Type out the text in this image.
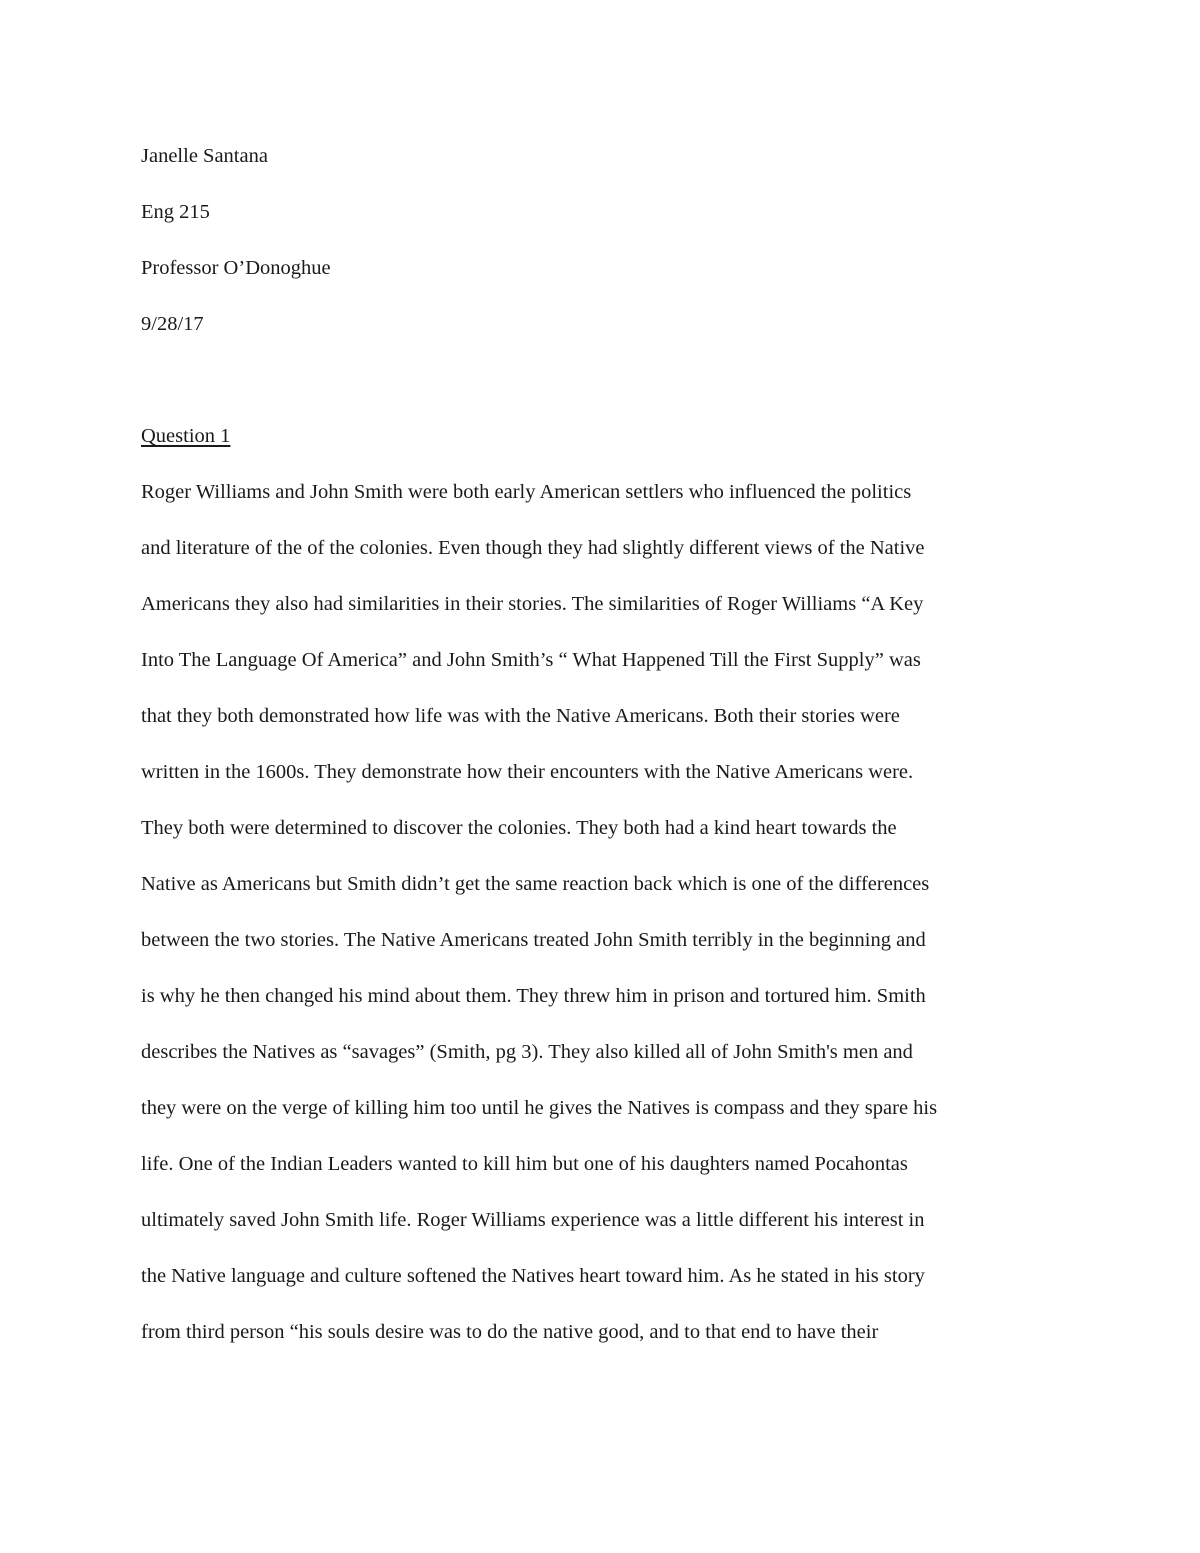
Janelle Santana

Eng 215

Professor O’Donoghue

9/28/17

Question 1

Roger Williams and John Smith were both early American settlers who influenced the politics

and literature of the of the colonies. Even though they had slightly different views of the Native

Americans they also had similarities in their stories. The similarities of Roger Williams “A Key

Into The Language Of America” and John Smith’s “ What Happened Till the First Supply” was

that they both demonstrated how life was with the Native Americans. Both their stories were

written in the 1600s. They demonstrate how their encounters with the Native Americans were.

They both were determined to discover the colonies. They both had a kind heart towards the

Native as Americans but Smith didn’t get the same reaction back which is one of the differences

between the two stories. The Native Americans treated John Smith terribly in the beginning and

is why he then changed his mind about them. They threw him in prison and tortured him. Smith

describes the Natives as “savages” (Smith, pg 3). They also killed all of John Smith's men and

they were on the verge of killing him too until he gives the Natives is compass and they spare his

life. One of the Indian Leaders wanted to kill him but one of his daughters named Pocahontas

ultimately saved John Smith life. Roger Williams experience was a little different his interest in

the Native language and culture softened the Natives heart toward him. As he stated in his story

from third person “his souls desire was to do the native good, and to that end to have their
